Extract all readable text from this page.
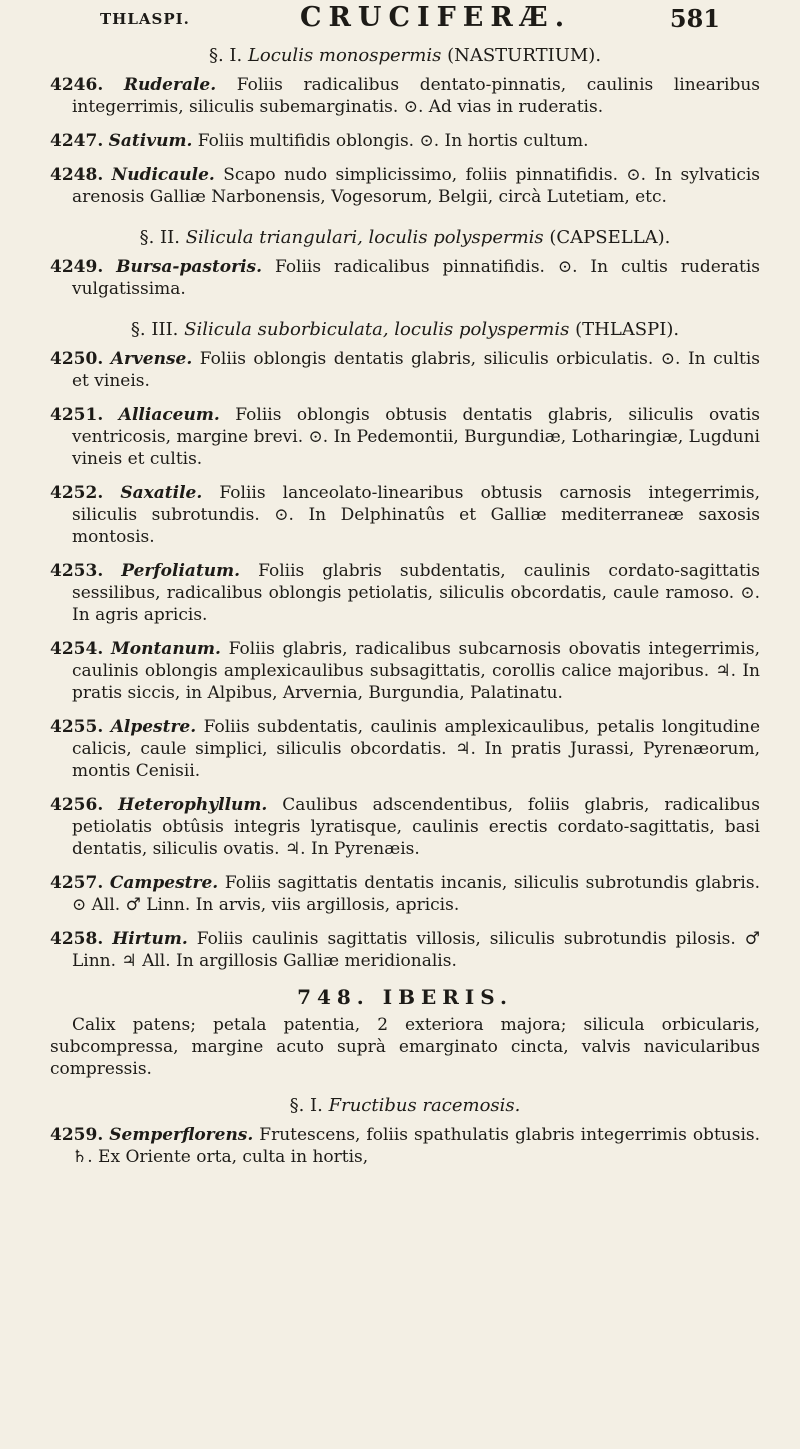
THLASPI.	CRUCIFERÆ.	581
§. I. Loculis monospermis (NASTURTIUM).

4246. Ruderale. Foliis radicalibus dentato-pinnatis, caulinis linearibus integerrimis, siliculis subemarginatis. ⊙. Ad vias in ruderatis.

4247. Sativum. Foliis multifidis oblongis. ⊙. In hortis cultum.

4248. Nudicaule. Scapo nudo simplicissimo, foliis pinnatifidis. ⊙. In sylvaticis arenosis Galliæ Narbonensis, Vogesorum, Belgii, circà Lutetiam, etc.

§. II. Silicula triangulari, loculis polyspermis (CAPSELLA).

4249. Bursa-pastoris. Foliis radicalibus pinnatifidis. ⊙. In cultis ruderatis vulgatissima.

§. III. Silicula suborbiculata, loculis polyspermis (THLASPI).

4250. Arvense. Foliis oblongis dentatis glabris, siliculis orbiculatis. ⊙. In cultis et vineis.

4251. Alliaceum. Foliis oblongis obtusis dentatis glabris, siliculis ovatis ventricosis, margine brevi. ⊙. In Pedemontii, Burgundiæ, Lotharingiæ, Lugduni vineis et cultis.

4252. Saxatile. Foliis lanceolato-linearibus obtusis carnosis integerrimis, siliculis subrotundis. ⊙. In Delphinatûs et Galliæ mediterraneæ saxosis montosis.

4253. Perfoliatum. Foliis glabris subdentatis, caulinis cordato-sagittatis sessilibus, radicalibus oblongis petiolatis, siliculis obcordatis, caule ramoso. ⊙. In agris apricis.

4254. Montanum. Foliis glabris, radicalibus subcarnosis obovatis integerrimis, caulinis oblongis amplexicaulibus subsagittatis, corollis calice majoribus. ♃. In pratis siccis, in Alpibus, Arvernia, Burgundia, Palatinatu.

4255. Alpestre. Foliis subdentatis, caulinis amplexicaulibus, petalis longitudine calicis, caule simplici, siliculis obcordatis. ♃. In pratis Jurassi, Pyrenæorum, montis Cenisii.

4256. Heterophyllum. Caulibus adscendentibus, foliis glabris, radicalibus petiolatis obtûsis integris lyratisque, caulinis erectis cordato-sagittatis, basi dentatis, siliculis ovatis. ♃. In Pyrenæis.

4257. Campestre. Foliis sagittatis dentatis incanis, siliculis subrotundis glabris. ⊙ All. ♂ Linn. In arvis, viis argillosis, apricis.

4258. Hirtum. Foliis caulinis sagittatis villosis, siliculis subrotundis pilosis. ♂ Linn. ♃ All. In argillosis Galliæ meridionalis.

748. IBERIS.

Calix patens; petala patentia, 2 exteriora majora; silicula orbicularis, subcompressa, margine acuto suprà emarginato cincta, valvis navicularibus compressis.

§. I. Fructibus racemosis.

4259. Semperflorens. Frutescens, foliis spathulatis glabris integerrimis obtusis. ♄. Ex Oriente orta, culta in hortis,
